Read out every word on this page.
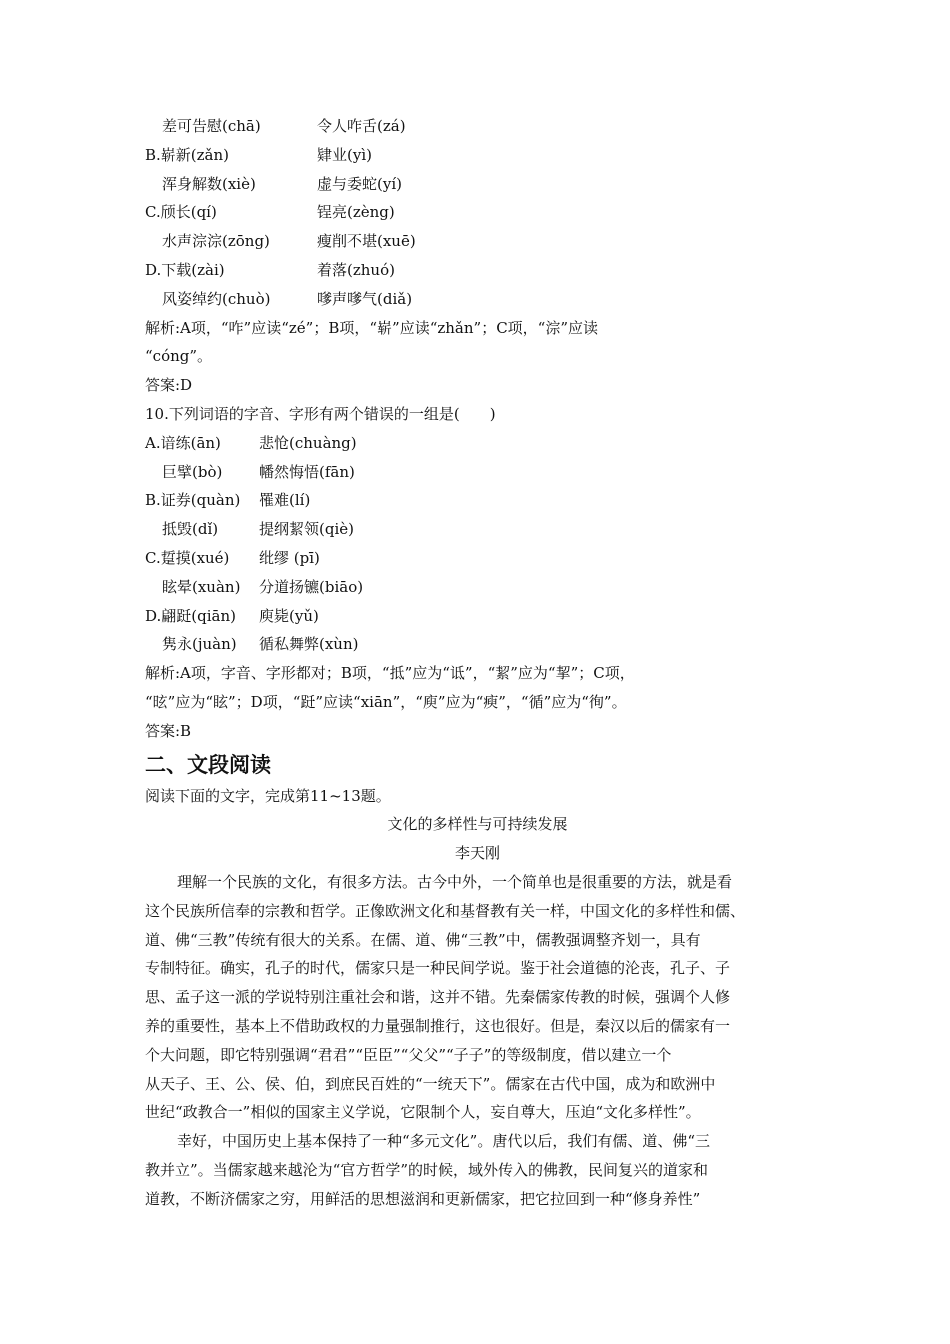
差可告慰(chā)	令人咋舌(zá)
B.崭新(zǎn)	肄业(yì)
浑身解数(xiè)	虚与委蛇(yí)
C.颀长(qí)	锃亮(zèng)
水声淙淙(zōng)	瘦削不堪(xuē)
D.下载(zài)	着落(zhuó)
风姿绰约(chuò)	嗲声嗲气(diǎ)
解析:A项，“咋”应读“zé”；B项，“崭”应读“zhǎn”；C项，“淙”应读
“cóng”。
答案:D
10.下列词语的字音、字形有两个错误的一组是(　　)
A.谙练(ān)	悲怆(chuàng)
巨擘(bò)	幡然悔悟(fān)
B.证券(quàn)	罹难(lí)
抵毁(dǐ)	提纲絜领(qiè)
C.踅摸(xué)	纰缪 (pī)
眩晕(xuàn)	分道扬镳(biāo)
D.翩跹(qiān)	庾毙(yǔ)
隽永(juàn)	循私舞弊(xùn)
解析:A项，字音、字形都对；B项，“抵”应为“诋”，“絜”应为“挈”；C项，
“昡”应为“眩”；D项，“跹”应读“xiān”，“庾”应为“瘐”，“循”应为“徇”。
答案:B
二、文段阅读
阅读下面的文字，完成第11~13题。
文化的多样性与可持续发展
李天刚
理解一个民族的文化，有很多方法。古今中外，一个简单也是很重要的方法，就是看
这个民族所信奉的宗教和哲学。正像欧洲文化和基督教有关一样，中国文化的多样性和儒、
道、佛“三教”传统有很大的关系。在儒、道、佛“三教”中，儒教强调整齐划一，具有
专制特征。确实，孔子的时代，儒家只是一种民间学说。鉴于社会道德的沦丧，孔子、子
思、孟子这一派的学说特别注重社会和谐，这并不错。先秦儒家传教的时候，强调个人修
养的重要性，基本上不借助政权的力量强制推行，这也很好。但是，秦汉以后的儒家有一
个大问题，即它特别强调“君君”“臣臣”“父父”“子子”的等级制度，借以建立一个
从天子、王、公、侯、伯，到庶民百姓的“一统天下”。儒家在古代中国，成为和欧洲中
世纪“政教合一”相似的国家主义学说，它限制个人，妄自尊大，压迫“文化多样性”。
幸好，中国历史上基本保持了一种“多元文化”。唐代以后，我们有儒、道、佛“三
教并立”。当儒家越来越沦为“官方哲学”的时候，域外传入的佛教，民间复兴的道家和
道教，不断济儒家之穷，用鲜活的思想滋润和更新儒家，把它拉回到一种“修身养性”
